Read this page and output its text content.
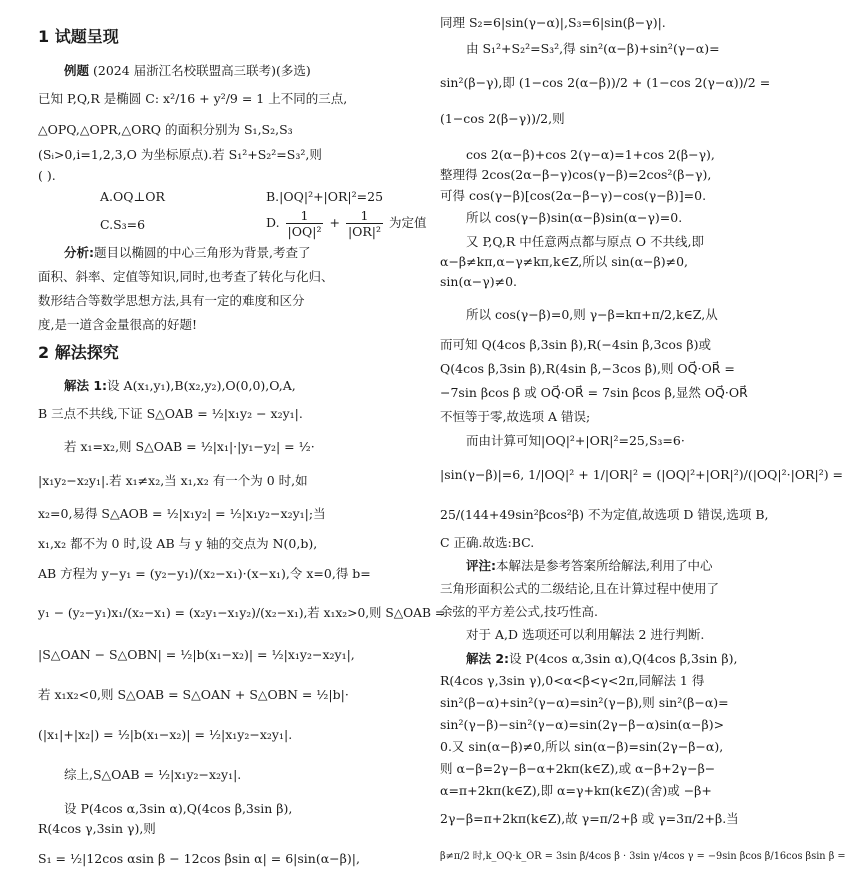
1 试题呈现
例题 (2024 届浙江名校联盟高三联考)(多选)
已知 P,Q,R 是椭圆 C: x²/16 + y²/9 = 1 上不同的三点,
△OPQ,△OPR,△ORQ 的面积分别为 S₁,S₂,S₃
(Sᵢ>0,i=1,2,3,O 为坐标原点).若 S₁²+S₂²=S₃²,则
( ).
A.OQ⊥OR	B.|OQ|²+|OR|²=25
C.S₃=6	D. $\frac{1}{\text{|OQ|²}} + \frac{1}{\text{|OR|²}}$ 为定值
分析:题目以椭圆的中心三角形为背景,考查了
面积、斜率、定值等知识,同时,也考查了转化与化归、
数形结合等数学思想方法,具有一定的难度和区分
度,是一道含金量很高的好题!
2 解法探究
解法 1:设 A(x₁,y₁),B(x₂,y₂),O(0,0),O,A,
B 三点不共线,下证 S△OAB = ½|x₁y₂ − x₂y₁|.
若 x₁=x₂,则 S△OAB = ½|x₁|·|y₁−y₂| = ½·
|x₁y₂−x₂y₁|.若 x₁≠x₂,当 x₁,x₂ 有一个为 0 时,如
x₂=0,易得 S△AOB = ½|x₁y₂| = ½|x₁y₂−x₂y₁|;当
x₁,x₂ 都不为 0 时,设 AB 与 y 轴的交点为 N(0,b),
AB 方程为 y−y₁ = (y₂−y₁)/(x₂−x₁)·(x−x₁),令 x=0,得 b=
y₁ − (y₂−y₁)x₁/(x₂−x₁) = (x₂y₁−x₁y₂)/(x₂−x₁),若 x₁x₂>0,则 S△OAB =
|S△OAN − S△OBN| = ½|b(x₁−x₂)| = ½|x₁y₂−x₂y₁|,
若 x₁x₂<0,则 S△OAB = S△OAN + S△OBN = ½|b|·
(|x₁|+|x₂|) = ½|b(x₁−x₂)| = ½|x₁y₂−x₂y₁|.
综上,S△OAB = ½|x₁y₂−x₂y₁|.
设 P(4cos α,3sin α),Q(4cos β,3sin β),
R(4cos γ,3sin γ),则
S₁ = ½|12cos αsin β − 12cos βsin α| = 6|sin(α−β)|,
同理 S₂=6|sin(γ−α)|,S₃=6|sin(β−γ)|.
由 S₁²+S₂²=S₃²,得 sin²(α−β)+sin²(γ−α)=
sin²(β−γ),即 (1−cos 2(α−β))/2 + (1−cos 2(γ−α))/2 =
(1−cos 2(β−γ))/2,则
cos 2(α−β)+cos 2(γ−α)=1+cos 2(β−γ),
整理得 2cos(2α−β−γ)cos(γ−β)=2cos²(β−γ),
可得 cos(γ−β)[cos(2α−β−γ)−cos(γ−β)]=0.
所以 cos(γ−β)sin(α−β)sin(α−γ)=0.
又 P,Q,R 中任意两点都与原点 O 不共线,即
α−β≠kπ,α−γ≠kπ,k∈Z,所以 sin(α−β)≠0,
sin(α−γ)≠0.
所以 cos(γ−β)=0,则 γ−β=kπ+π/2,k∈Z,从
而可知 Q(4cos β,3sin β),R(−4sin β,3cos β)或
Q(4cos β,3sin β),R(4sin β,−3cos β),则 OQ⃗·OR⃗ =
−7sin βcos β 或 OQ⃗·OR⃗ = 7sin βcos β,显然 OQ⃗·OR⃗
不恒等于零,故选项 A 错误;
而由计算可知|OQ|²+|OR|²=25,S₃=6·
|sin(γ−β)|=6, 1/|OQ|² + 1/|OR|² = (|OQ|²+|OR|²)/(|OQ|²·|OR|²) =
25/(144+49sin²βcos²β) 不为定值,故选项 D 错误,选项 B,
C 正确.故选:BC.
评注:本解法是参考答案所给解法,利用了中心
三角形面积公式的二级结论,且在计算过程中使用了
余弦的平方差公式,技巧性高.
对于 A,D 选项还可以利用解法 2 进行判断.
解法 2:设 P(4cos α,3sin α),Q(4cos β,3sin β),
R(4cos γ,3sin γ),0<α<β<γ<2π,同解法 1 得
sin²(β−α)+sin²(γ−α)=sin²(γ−β),则 sin²(β−α)=
sin²(γ−β)−sin²(γ−α)=sin(2γ−β−α)sin(α−β)>
0.又 sin(α−β)≠0,所以 sin(α−β)=sin(2γ−β−α),
则 α−β=2γ−β−α+2kπ(k∈Z),或 α−β+2γ−β−
α=π+2kπ(k∈Z),即 α=γ+kπ(k∈Z)(舍)或 −β+
2γ−β=π+2kπ(k∈Z),故 γ=π/2+β 或 γ=3π/2+β.当
β≠π/2 时,k_OQ·k_OR = 3sin β/4cos β · 3sin γ/4cos γ = −9sin βcos β/16cos βsin β =
